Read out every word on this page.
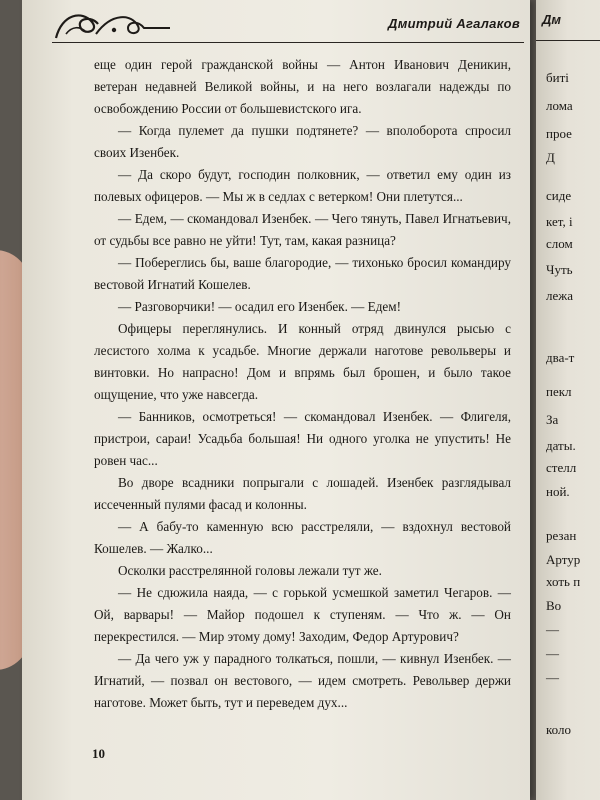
Дмитрий Агалаков

еще один герой гражданской войны — Антон Иванович Деникин, ветеран недавней Великой войны, и на него возлагали надежды по освобождению России от большевистского ига.

— Когда пулемет да пушки подтянете? — вполоборота спросил своих Изенбек.

— Да скоро будут, господин полковник, — ответил ему один из полевых офицеров. — Мы ж в седлах с ветерком! Они плетутся...

— Едем, — скомандовал Изенбек. — Чего тянуть, Павел Игнатьевич, от судьбы все равно не уйти! Тут, там, какая разница?

— Побереглись бы, ваше благородие, — тихонько бросил командиру вестовой Игнатий Кошелев.

— Разговорчики! — осадил его Изенбек. — Едем!

Офицеры переглянулись. И конный отряд двинулся рысью с лесистого холма к усадьбе. Многие держали наготове револьверы и винтовки. Но напрасно! Дом и впрямь был брошен, и было такое ощущение, что уже навсегда.

— Банников, осмотреться! — скомандовал Изенбек. — Флигеля, пристрои, сараи! Усадьба большая! Ни одного уголка не упустить! Не ровен час...

Во дворе всадники попрыгали с лошадей. Изенбек разглядывал иссеченный пулями фасад и колонны.

— А бабу-то каменную всю расстреляли, — вздохнул вестовой Кошелев. — Жалко...

Осколки расстрелянной головы лежали тут же.

— Не сдюжила наяда, — с горькой усмешкой заметил Чегаров. — Ой, варвары! — Майор подошел к ступеням. — Что ж. — Он перекрестился. — Мир этому дому! Заходим, Федор Артурович?

— Да чего уж у парадного толкаться, пошли, — кивнул Изенбек. — Игнатий, — позвал он вестового, — идем смотреть. Револьвер держи наготове. Может быть, тут и переведем дух...

10
Дм
биті
лома
прое
Д
сиде
кет, і
слом
Чуть
лежа
два-т
пекл
За
даты.
стелл
ной.
резан
Артур
хоть п
Во
—
—
—
коло
